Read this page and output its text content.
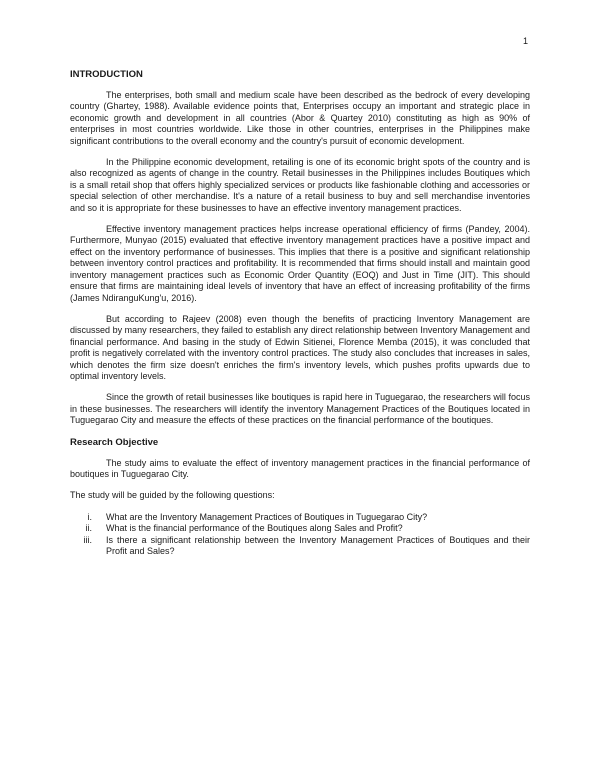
1
INTRODUCTION

The enterprises, both small and medium scale have been described as the bedrock of every developing country (Ghartey, 1988). Available evidence points that, Enterprises occupy an important and strategic place in economic growth and development in all countries (Abor & Quartey 2010) constituting as high as 90% of enterprises in most countries worldwide. Like those in other countries, enterprises in the Philippines make significant contributions to the overall economy and the country's pursuit of economic development.

In the Philippine economic development, retailing is one of its economic bright spots of the country and is also recognized as agents of change in the country. Retail businesses in the Philippines includes Boutiques which is a small retail shop that offers highly specialized services or products like fashionable clothing and accessories or special selection of other merchandise. It's a nature of a retail business to buy and sell merchandise inventories and so it is appropriate for these businesses to have an effective inventory management practices.

Effective inventory management practices helps increase operational efficiency of firms (Pandey, 2004). Furthermore, Munyao (2015) evaluated that effective inventory management practices have a positive impact and effect on the inventory performance of businesses. This implies that there is a positive and significant relationship between inventory control practices and profitability. It is recommended that firms should install and maintain good inventory management practices such as Economic Order Quantity (EOQ) and Just in Time (JIT). This should ensure that firms are maintaining ideal levels of inventory that have an effect of increasing profitability of the firms (James NdiranguKung'u, 2016).

But according to Rajeev (2008) even though the benefits of practicing Inventory Management are discussed by many researchers, they failed to establish any direct relationship between Inventory Management and financial performance. And basing in the study of Edwin Sitienei, Florence Memba (2015), it was concluded that profit is negatively correlated with the inventory control practices. The study also concludes that increases in sales, which denotes the firm size doesn't enriches the firm's inventory levels, which pushes profits upwards due to optimal inventory levels.

Since the growth of retail businesses like boutiques is rapid here in Tuguegarao, the researchers will focus in these businesses. The researchers will identify the inventory Management Practices of the Boutiques located in Tuguegarao City and measure the effects of these practices on the financial performance of the boutiques.

Research Objective

The study aims to evaluate the effect of inventory management practices in the financial performance of boutiques in Tuguegarao City.

The study will be guided by the following questions:

i. What are the Inventory Management Practices of Boutiques in Tuguegarao City?
ii. What is the financial performance of the Boutiques along Sales and Profit?
iii. Is there a significant relationship between the Inventory Management Practices of Boutiques and their Profit and Sales?
